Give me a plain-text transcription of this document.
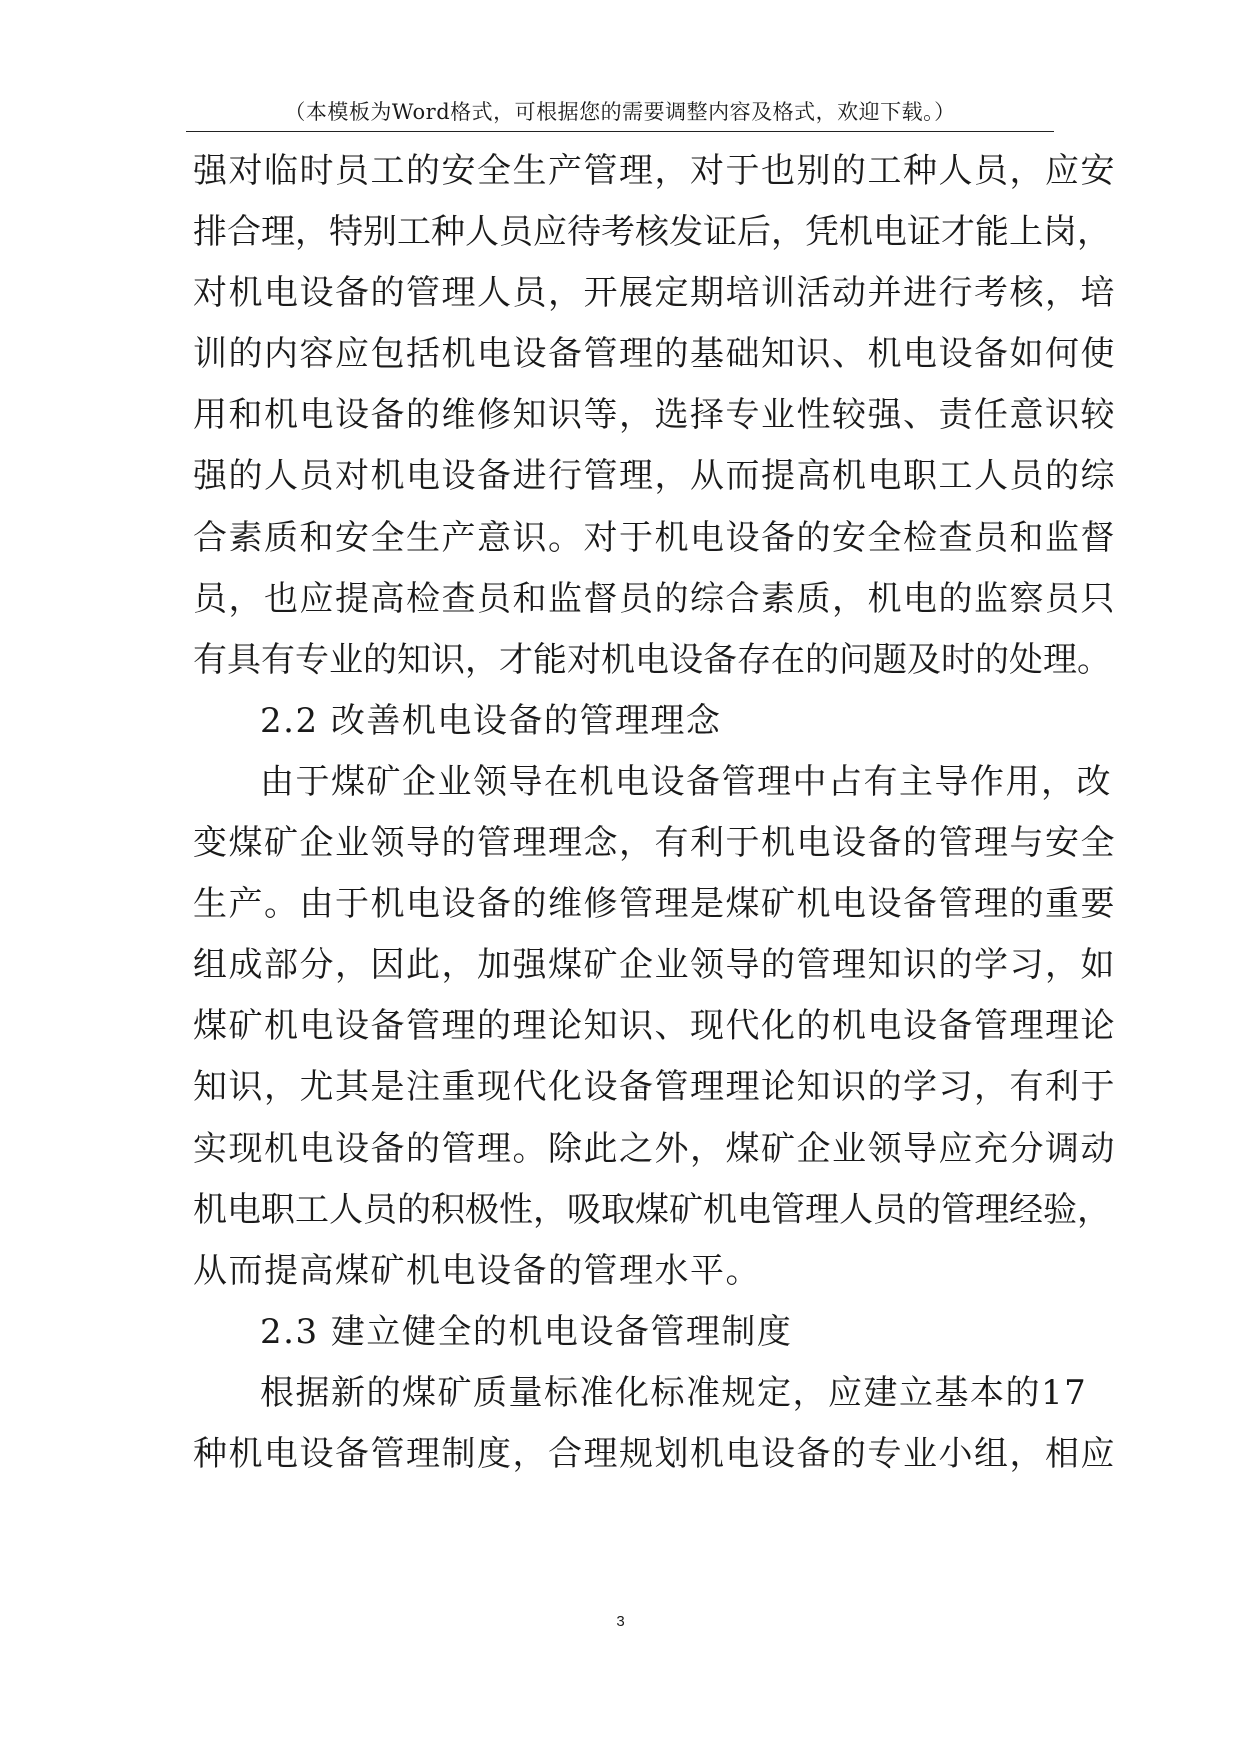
（本模板为Word格式，可根据您的需要调整内容及格式，欢迎下载。）
强对临时员工的安全生产管理，对于也别的工种人员，应安
排合理，特别工种人员应待考核发证后，凭机电证才能上岗，
对机电设备的管理人员，开展定期培训活动并进行考核，培
训的内容应包括机电设备管理的基础知识、机电设备如何使
用和机电设备的维修知识等，选择专业性较强、责任意识较
强的人员对机电设备进行管理，从而提高机电职工人员的综
合素质和安全生产意识。对于机电设备的安全检查员和监督
员，也应提高检查员和监督员的综合素质，机电的监察员只
有具有专业的知识，才能对机电设备存在的问题及时的处理。
2.2 改善机电设备的管理理念
由于煤矿企业领导在机电设备管理中占有主导作用，改
变煤矿企业领导的管理理念，有利于机电设备的管理与安全
生产。由于机电设备的维修管理是煤矿机电设备管理的重要
组成部分，因此，加强煤矿企业领导的管理知识的学习，如
煤矿机电设备管理的理论知识、现代化的机电设备管理理论
知识，尤其是注重现代化设备管理理论知识的学习，有利于
实现机电设备的管理。除此之外，煤矿企业领导应充分调动
机电职工人员的积极性，吸取煤矿机电管理人员的管理经验，
从而提高煤矿机电设备的管理水平。
2.3 建立健全的机电设备管理制度
根据新的煤矿质量标准化标准规定，应建立基本的17
种机电设备管理制度，合理规划机电设备的专业小组，相应
3
